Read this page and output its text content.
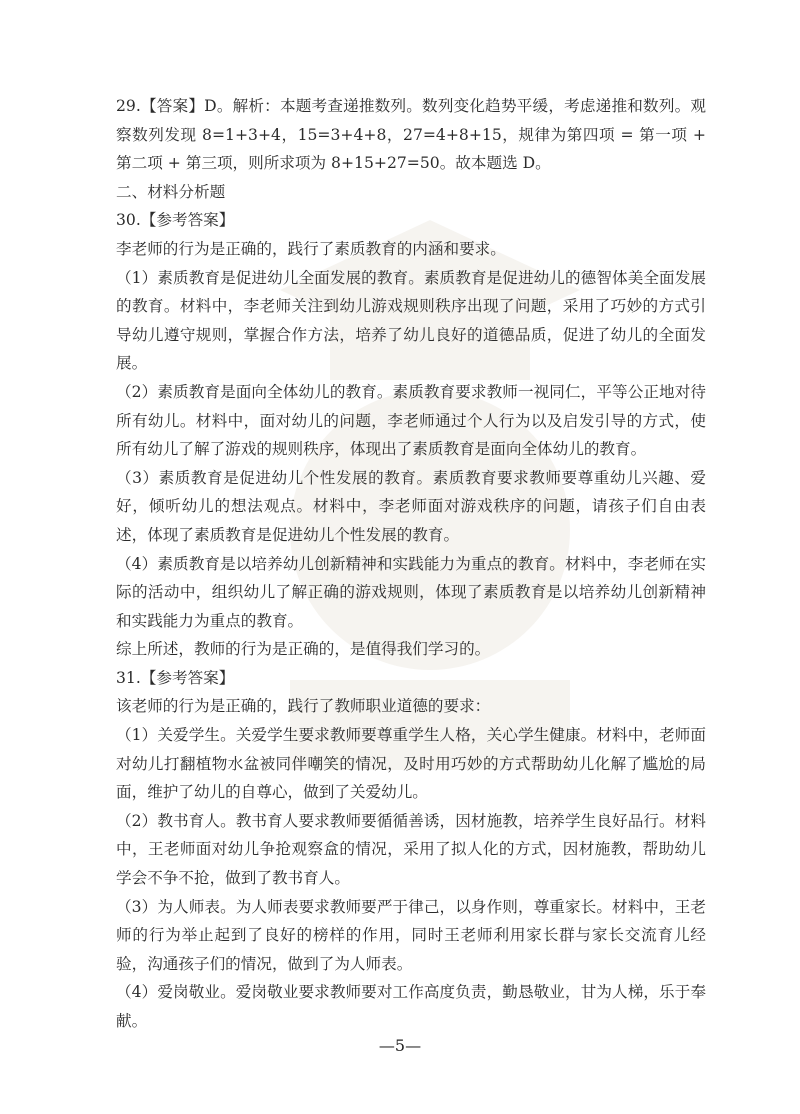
29.【答案】D。解析：本题考查递推数列。数列变化趋势平缓，考虑递推和数列。观察数列发现 8=1+3+4，15=3+4+8，27=4+8+15，规律为第四项 = 第一项 + 第二项 + 第三项，则所求项为 8+15+27=50。故本题选 D。

二、材料分析题

30.【参考答案】

李老师的行为是正确的，践行了素质教育的内涵和要求。

（1）素质教育是促进幼儿全面发展的教育。素质教育是促进幼儿的德智体美全面发展的教育。材料中，李老师关注到幼儿游戏规则秩序出现了问题，采用了巧妙的方式引导幼儿遵守规则，掌握合作方法，培养了幼儿良好的道德品质，促进了幼儿的全面发展。

（2）素质教育是面向全体幼儿的教育。素质教育要求教师一视同仁，平等公正地对待所有幼儿。材料中，面对幼儿的问题，李老师通过个人行为以及启发引导的方式，使所有幼儿了解了游戏的规则秩序，体现出了素质教育是面向全体幼儿的教育。

（3）素质教育是促进幼儿个性发展的教育。素质教育要求教师要尊重幼儿兴趣、爱好，倾听幼儿的想法观点。材料中，李老师面对游戏秩序的问题，请孩子们自由表述，体现了素质教育是促进幼儿个性发展的教育。

（4）素质教育是以培养幼儿创新精神和实践能力为重点的教育。材料中，李老师在实际的活动中，组织幼儿了解正确的游戏规则，体现了素质教育是以培养幼儿创新精神和实践能力为重点的教育。

综上所述，教师的行为是正确的，是值得我们学习的。

31.【参考答案】

该老师的行为是正确的，践行了教师职业道德的要求：

（1）关爱学生。关爱学生要求教师要尊重学生人格，关心学生健康。材料中，老师面对幼儿打翻植物水盆被同伴嘲笑的情况，及时用巧妙的方式帮助幼儿化解了尴尬的局面，维护了幼儿的自尊心，做到了关爱幼儿。

（2）教书育人。教书育人要求教师要循循善诱，因材施教，培养学生良好品行。材料中，王老师面对幼儿争抢观察盒的情况，采用了拟人化的方式，因材施教，帮助幼儿学会不争不抢，做到了教书育人。

（3）为人师表。为人师表要求教师要严于律己，以身作则，尊重家长。材料中，王老师的行为举止起到了良好的榜样的作用，同时王老师利用家长群与家长交流育儿经验，沟通孩子们的情况，做到了为人师表。

（4）爱岗敬业。爱岗敬业要求教师要对工作高度负责，勤恳敬业，甘为人梯，乐于奉献。

—5—
